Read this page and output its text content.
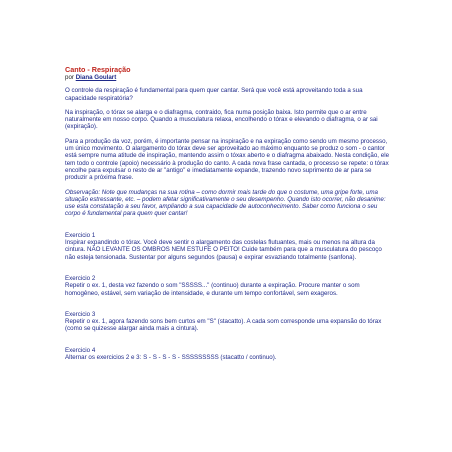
Canto - Respiração
por Diana Goulart

O controle da respiração é fundamental para quem quer cantar. Será que você está aproveitando toda a sua capacidade respiratória?

Na inspiração, o tórax se alarga e o diafragma, contraido, fica numa posição baixa. Isto permite que o ar entre naturalmente em nosso corpo. Quando a musculatura relaxa, encolhendo o tórax e elevando o diafragma, o ar sai (expiração).

Para a produção da voz, porém, é importante pensar na inspiração e na expiração como sendo um mesmo processo, um único movimento. O alargamento do tórax deve ser aproveitado ao máximo enquanto se produz o som - o cantor está sempre numa atitude de inspiração, mantendo assim o tóxax aberto e o diafragma abaixado. Nesta condição, ele tem todo o controle (apoio) necessário à produção do canto. A cada nova frase cantada, o processo se repete: o tórax encolhe para expulsar o resto de ar "antigo" e imediatamente expande, trazendo novo suprimento de ar para se produzir a próxima frase.

Observação: Note que mudanças na sua rotina – como dormir mais tarde do que o costume, uma gripe forte, uma situação estressante, etc. – podem afetar significativamente o seu desempenho. Quando isto ocorrer, não desanime: use esta constatação a seu favor, ampliando a sua capacidade de autoconhecimento. Saber como funciona o seu corpo é fundamental para quem quer cantar!

Exercicio 1

Inspirar expandindo o tórax. Você deve sentir o alargamento das costelas flutuantes, mais ou menos na altura da cintura. NÃO LEVANTE OS OMBROS NEM ESTUFE O PEITO! Cuide também para que a musculatura do pescoço não esteja tensionada. Sustentar por alguns segundos (pausa) e expirar esvaziando totalmente (sanfona).

Exercicio 2

Repetir o ex. 1, desta vez fazendo o som "SSSSS..." (continuo) durante a expiração. Procure manter o som homogêneo, estável, sem variação de intensidade, e durante um tempo confortável, sem exageros.

Exercicio 3

Repetir o ex. 1, agora fazendo sons bem curtos em "S" (stacatto). A cada som corresponde uma expansão do tórax (como se quizesse alargar ainda mais a cintura).

Exercicio 4

Alternar os exercicios 2 e 3: S - S - S - S - SSSSSSSSS (stacatto / continuo).
